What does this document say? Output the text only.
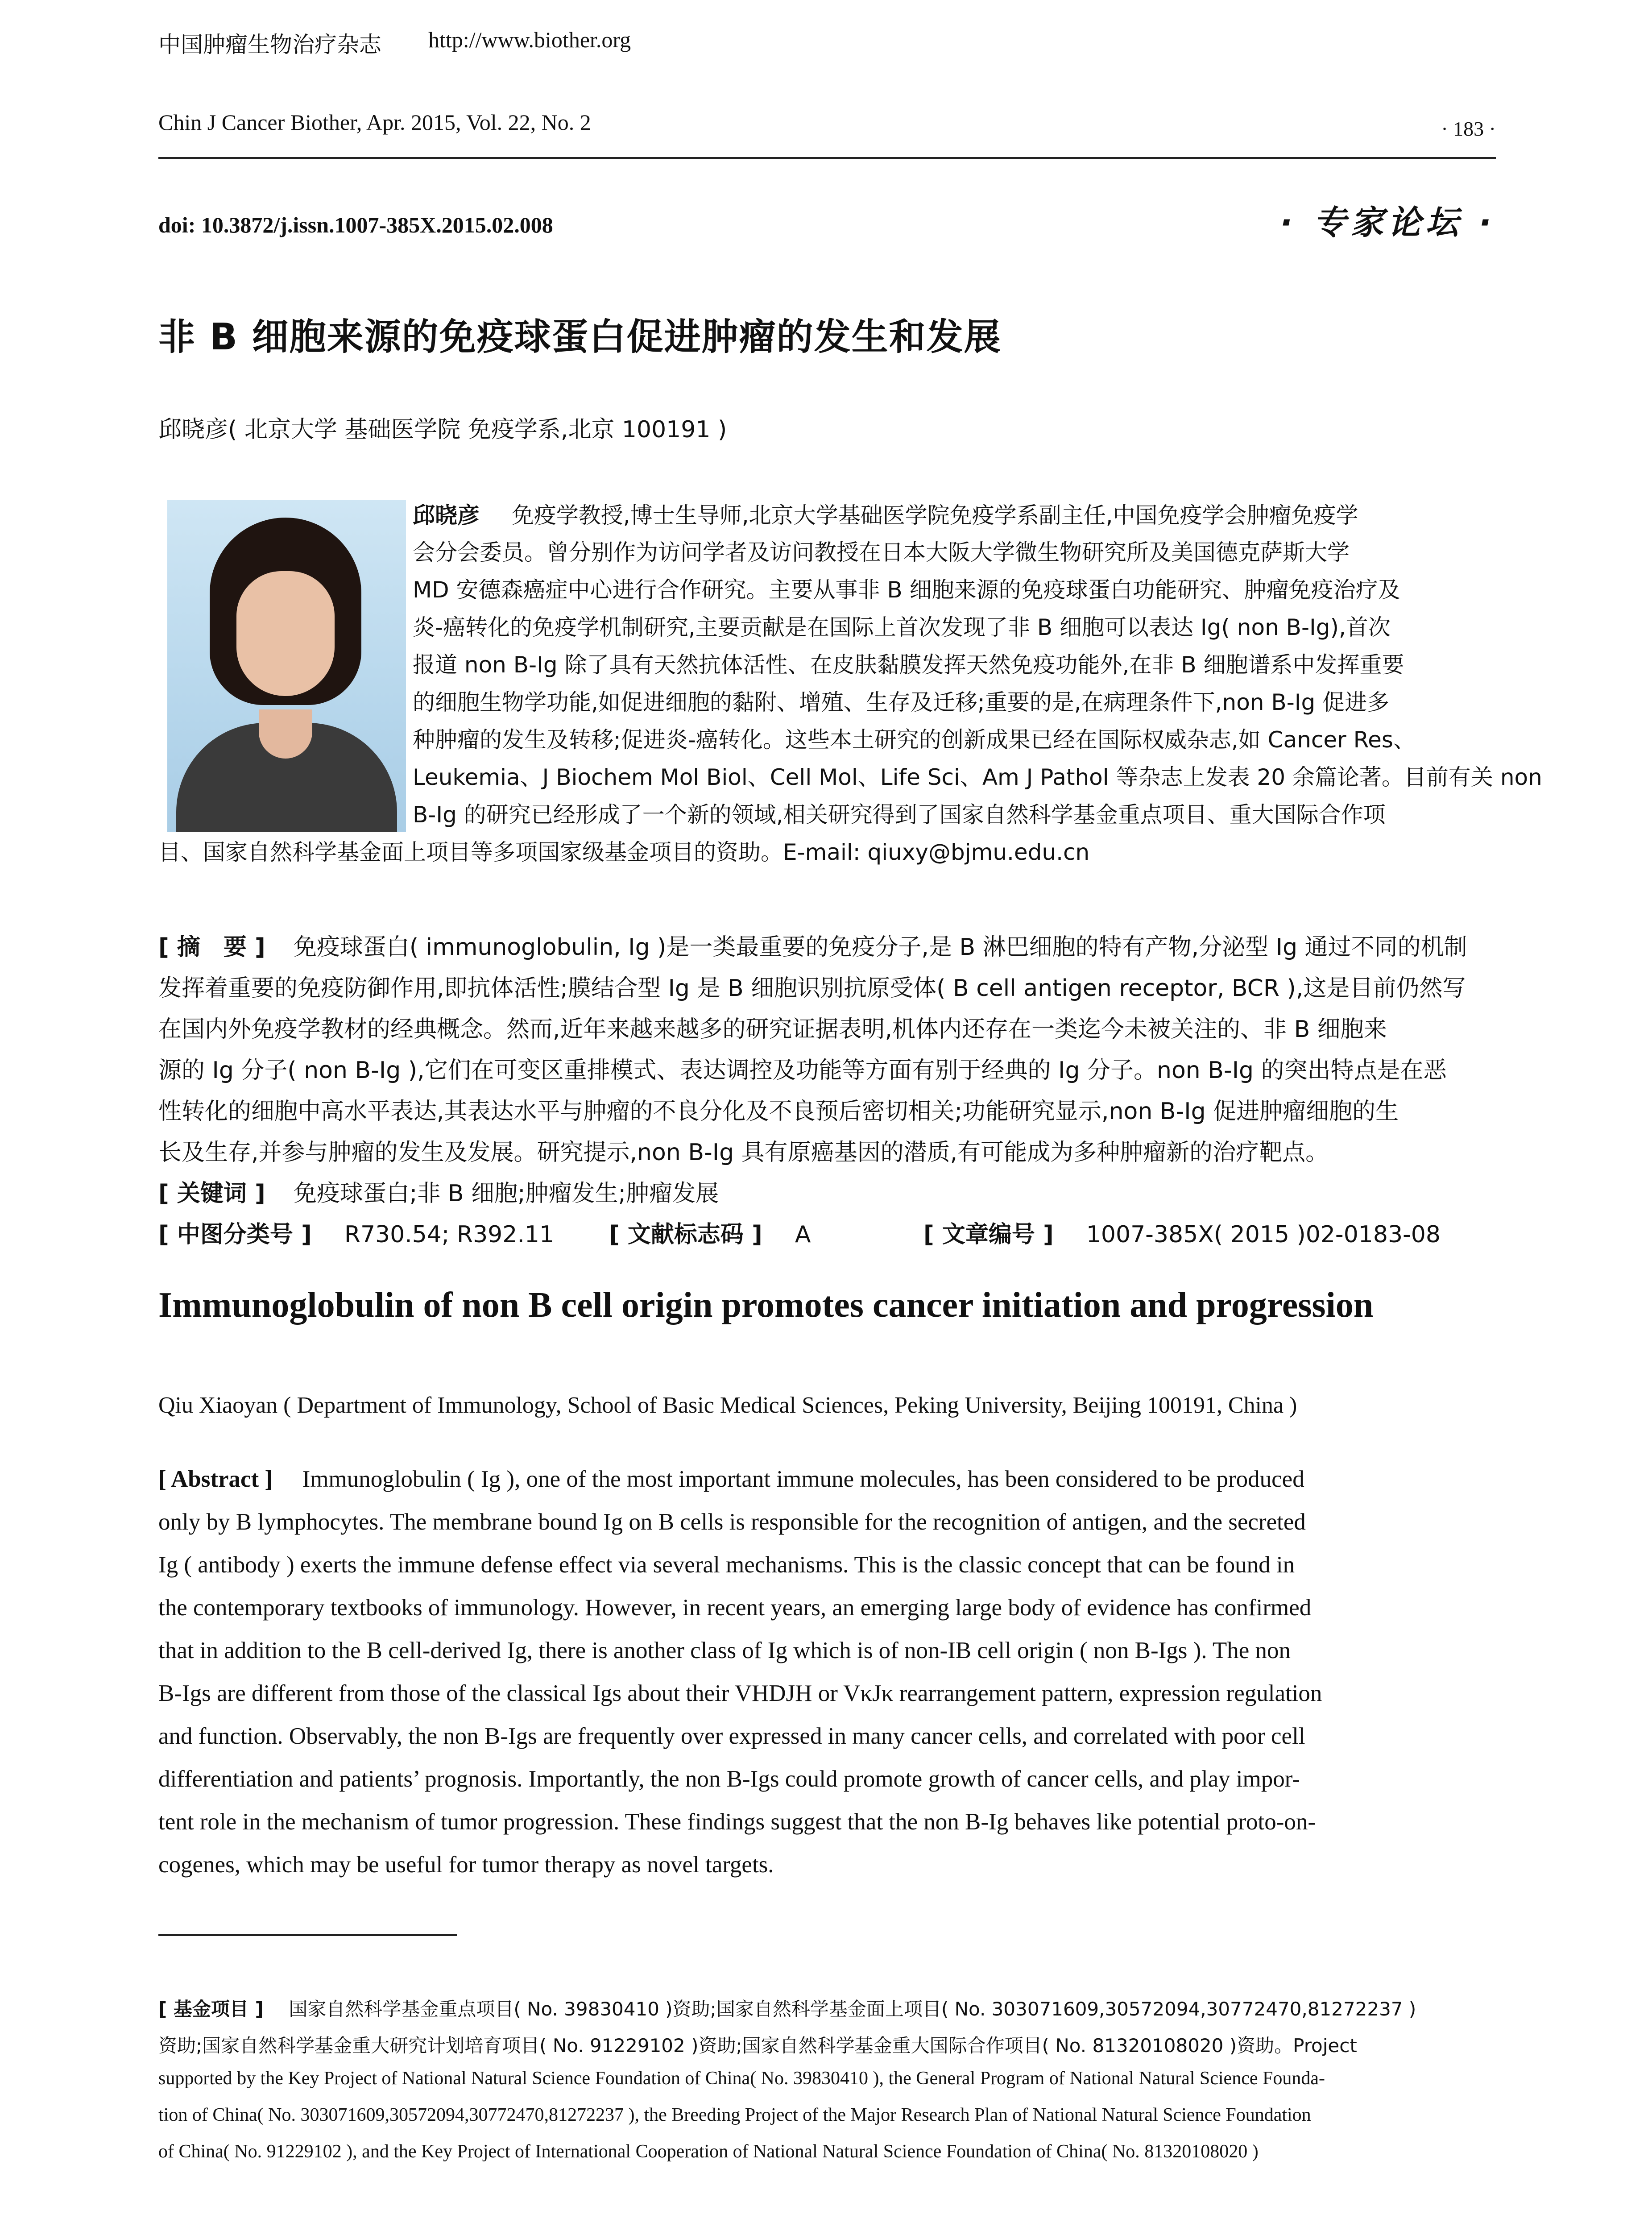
中国肿瘤生物治疗杂志 http://www.biother.org
Chin J Cancer Biother, Apr. 2015, Vol. 22, No. 2	· 183 ·
doi: 10.3872/j.issn.1007-385X.2015.02.008	· 专家论坛 ·
非 B 细胞来源的免疫球蛋白促进肿瘤的发生和发展
邱晓彦( 北京大学 基础医学院 免疫学系,北京 100191 )
邱晓彦 免疫学教授,博士生导师,北京大学基础医学院免疫学系副主任,中国免疫学会肿瘤免疫学
会分会委员。曾分别作为访问学者及访问教授在日本大阪大学微生物研究所及美国德克萨斯大学
MD 安德森癌症中心进行合作研究。主要从事非 B 细胞来源的免疫球蛋白功能研究、肿瘤免疫治疗及
炎-癌转化的免疫学机制研究,主要贡献是在国际上首次发现了非 B 细胞可以表达 Ig( non B-Ig),首次
报道 non B-Ig 除了具有天然抗体活性、在皮肤黏膜发挥天然免疫功能外,在非 B 细胞谱系中发挥重要
的细胞生物学功能,如促进细胞的黏附、增殖、生存及迁移;重要的是,在病理条件下,non B-Ig 促进多
种肿瘤的发生及转移;促进炎-癌转化。这些本土研究的创新成果已经在国际权威杂志,如 Cancer Res、
Leukemia、J Biochem Mol Biol、Cell Mol、Life Sci、Am J Pathol 等杂志上发表 20 余篇论著。目前有关 non
B-Ig 的研究已经形成了一个新的领域,相关研究得到了国家自然科学基金重点项目、重大国际合作项
目、国家自然科学基金面上项目等多项国家级基金项目的资助。E-mail: qiuxy@bjmu.edu.cn
[ 摘　要 ] 免疫球蛋白( immunoglobulin, Ig )是一类最重要的免疫分子,是 B 淋巴细胞的特有产物,分泌型 Ig 通过不同的机制
发挥着重要的免疫防御作用,即抗体活性;膜结合型 Ig 是 B 细胞识别抗原受体( B cell antigen receptor, BCR ),这是目前仍然写
在国内外免疫学教材的经典概念。然而,近年来越来越多的研究证据表明,机体内还存在一类迄今未被关注的、非 B 细胞来
源的 Ig 分子( non B-Ig ),它们在可变区重排模式、表达调控及功能等方面有别于经典的 Ig 分子。non B-Ig 的突出特点是在恶
性转化的细胞中高水平表达,其表达水平与肿瘤的不良分化及不良预后密切相关;功能研究显示,non B-Ig 促进肿瘤细胞的生
长及生存,并参与肿瘤的发生及发展。研究提示,non B-Ig 具有原癌基因的潜质,有可能成为多种肿瘤新的治疗靶点。
[ 关键词 ] 免疫球蛋白;非 B 细胞;肿瘤发生;肿瘤发展
[ 中图分类号 ] R730.54; R392.11 [ 文献标志码 ] A	[ 文章编号 ] 1007-385X( 2015 )02-0183-08
Immunoglobulin of non B cell origin promotes cancer initiation and progression
Qiu Xiaoyan ( Department of Immunology, School of Basic Medical Sciences, Peking University, Beijing 100191, China )
[ Abstract ] Immunoglobulin ( Ig ), one of the most important immune molecules, has been considered to be produced
only by B lymphocytes. The membrane bound Ig on B cells is responsible for the recognition of antigen, and the secreted
Ig ( antibody ) exerts the immune defense effect via several mechanisms. This is the classic concept that can be found in
the contemporary textbooks of immunology. However, in recent years, an emerging large body of evidence has confirmed
that in addition to the B cell-derived Ig, there is another class of Ig which is of non-IB cell origin ( non B-Igs ). The non
B-Igs are different from those of the classical Igs about their VHDJH or VκJκ rearrangement pattern, expression regulation
and function. Observably, the non B-Igs are frequently over expressed in many cancer cells, and correlated with poor cell
differentiation and patients’ prognosis. Importantly, the non B-Igs could promote growth of cancer cells, and play impor-
tent role in the mechanism of tumor progression. These findings suggest that the non B-Ig behaves like potential proto-on-
cogenes, which may be useful for tumor therapy as novel targets.
[ 基金项目 ] 国家自然科学基金重点项目( No. 39830410 )资助;国家自然科学基金面上项目( No. 303071609,30572094,30772470,81272237 )
资助;国家自然科学基金重大研究计划培育项目( No. 91229102 )资助;国家自然科学基金重大国际合作项目( No. 81320108020 )资助。Project
supported by the Key Project of National Natural Science Foundation of China( No. 39830410 ), the General Program of National Natural Science Founda-
tion of China( No. 303071609,30572094,30772470,81272237 ), the Breeding Project of the Major Research Plan of National Natural Science Foundation
of China( No. 91229102 ), and the Key Project of International Cooperation of National Natural Science Foundation of China( No. 81320108020 )
